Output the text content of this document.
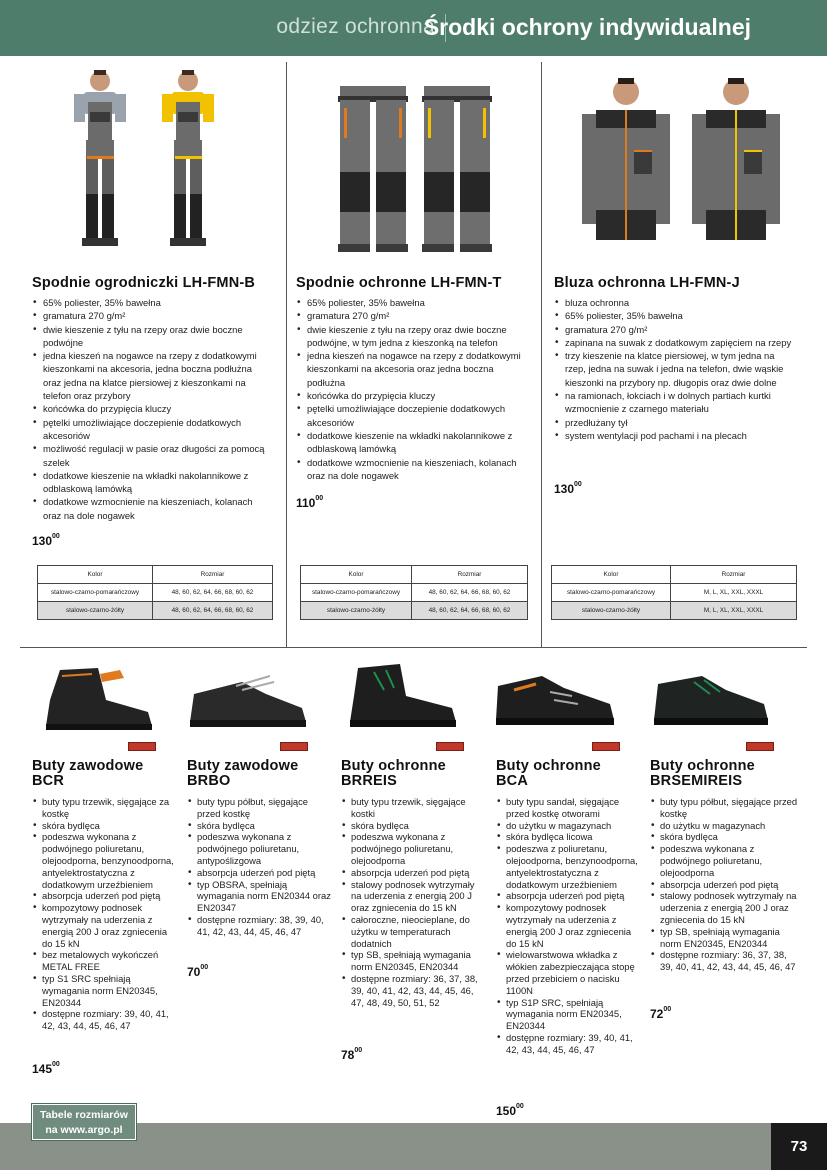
odziez ochronna
Środki ochrony indywidualnej
Spodnie ogrodniczki LH-FMN-B
• 65% poliester, 35% bawełna
• gramatura 270 g/m²
• dwie kieszenie z tyłu na rzepy oraz dwie boczne podwójne
• jedna kieszeń na nogawce na rzepy z dodatkowymi kieszonkami na akcesoria, jedna boczna podłużna oraz jedna na klatce piersiowej z kieszonkami na telefon oraz przybory
• końcówka do przypięcia kluczy
• pętelki umożliwiające doczepienie dodatkowych akcesoriów
• możliwość regulacji w pasie oraz długości za pomocą szelek
• dodatkowe kieszenie na wkładki nakolannikowe z odblaskową lamówką
• dodatkowe wzmocnienie na kieszeniach, kolanach oraz na dole nogawek
$130^{00}$
Kolor	Rozmiar
stalowo-czarno-pomarańczowy	48, 60, 62, 64, 66, 68, 60, 62
stalowo-czarno-żółty	48, 60, 62, 64, 66, 68, 60, 62
Spodnie ochronne LH-FMN-T
• 65% poliester, 35% bawełna
• gramatura 270 g/m²
• dwie kieszenie z tyłu na rzepy oraz dwie boczne podwójne, w tym jedna z kieszonką na telefon
• jedna kieszeń na nogawce na rzepy z dodatkowymi kieszonkami na akcesoria oraz jedna boczna podłużna
• końcówka do przypięcia kluczy
• pętelki umożliwiające doczepienie dodatkowych akcesoriów
• dodatkowe kieszenie na wkładki nakolannikowe z odblaskową lamówką
• dodatkowe wzmocnienie na kieszeniach, kolanach oraz na dole nogawek
$110^{00}$
Kolor	Rozmiar
stalowo-czarno-pomarańczowy	48, 60, 62, 64, 66, 68, 60, 62
stalowo-czarno-żółty	48, 60, 62, 64, 66, 68, 60, 62
Bluza ochronna LH-FMN-J
• bluza ochronna
• 65% poliester, 35% bawełna
• gramatura 270 g/m²
• zapinana na suwak z dodatkowym zapięciem na rzepy
• trzy kieszenie na klatce piersiowej, w tym jedna na rzep, jedna na suwak i jedna na telefon, dwie wąskie kieszonki na przybory np. długopis oraz dwie dolne
• na ramionach, łokciach i w dolnych partiach kurtki wzmocnienie z czarnego materiału
• przedłużany tył
• system wentylacji pod pachami i na plecach
$130^{00}$
Kolor	Rozmiar
stalowo-czarno-pomarańczowy	M, L, XL, XXL, XXXL
stalowo-czarno-żółty	M, L, XL, XXL, XXXL
Buty zawodowe
BCR
• buty typu trzewik, sięgające za kostkę
• skóra bydlęca
• podeszwa wykonana z podwójnego poliuretanu, olejoodporna, benzynoodporna, antyelektrostatyczna z dodatkowym urzeźbieniem
• absorpcja uderzeń pod piętą
• kompozytowy podnosek wytrzymały na uderzenia z energią 200 J oraz zgniecenia do 15 kN
• bez metalowych wykończeń METAL FREE
• typ S1 SRC spełniają wymagania norm EN20345, EN20344
• dostępne rozmiary: 39, 40, 41, 42, 43, 44, 45, 46, 47
$145^{00}$
Buty zawodowe
BRBO
• buty typu półbut, sięgające przed kostkę
• skóra bydlęca
• podeszwa wykonana z podwójnego poliuretanu, antypoślizgowa
• absorpcja uderzeń pod piętą
• typ OBSRA, spełniają wymagania norm EN20344 oraz EN20347
• dostępne rozmiary: 38, 39, 40, 41, 42, 43, 44, 45, 46, 47
$70^{00}$
Buty ochronne
BRREIS
• buty typu trzewik, sięgające kostki
• skóra bydlęca
• podeszwa wykonana z podwójnego poliuretanu, olejoodporna
• absorpcja uderzeń pod piętą
• stalowy podnosek wytrzymały na uderzenia z energią 200 J oraz zgniecenia do 15 kN
• całoroczne, nieocieplane, do użytku w temperaturach dodatnich
• typ SB, spełniają wymagania norm EN20345, EN20344
• dostępne rozmiary: 36, 37, 38, 39, 40, 41, 42, 43, 44, 45, 46, 47, 48, 49, 50, 51, 52
$78^{00}$
Buty ochronne
BCA
• buty typu sandał, sięgające przed kostkę otworami
• do użytku w magazynach
• skóra bydlęca licowa
• podeszwa z poliuretanu, olejoodporna, benzynoodporna, antyelektrostatyczna z dodatkowym urzeźbieniem
• absorpcja uderzeń pod piętą
• kompozytowy podnosek wytrzymały na uderzenia z energią 200 J oraz zgniecenia do 15 kN
• wielowarstwowa wkładka z włókien zabezpieczająca stopę przed przebiciem o nacisku 1100N
• typ S1P SRC, spełniają wymagania norm EN20345, EN20344
• dostępne rozmiary: 39, 40, 41, 42, 43, 44, 45, 46, 47
$150^{00}$
Buty ochronne
BRSEMIREIS
• buty typu półbut, sięgające przed kostkę
• do użytku w magazynach
• skóra bydlęca
• podeszwa wykonana z podwójnego poliuretanu, olejoodporna
• absorpcja uderzeń pod piętą
• stalowy podnosek wytrzymały na uderzenia z energią 200 J oraz zgniecenia do 15 kN
• typ SB, spełniają wymagania norm EN20345, EN20344
• dostępne rozmiary: 36, 37, 38, 39, 40, 41, 42, 43, 44, 45, 46, 47
$72^{00}$
Tabele rozmiarów
na www.argo.pl
73
